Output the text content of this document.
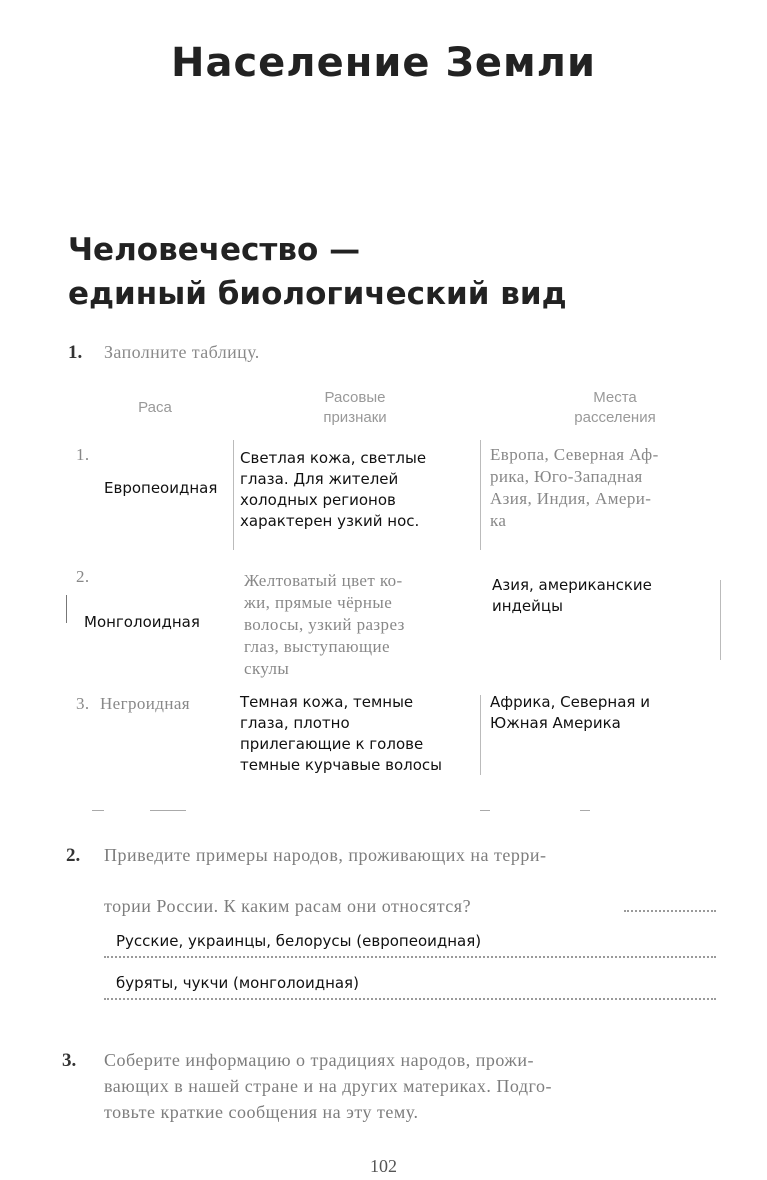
Население Земли
Человечество —
единый биологический вид
1. Заполните таблицу.
Раса
Расовые
признаки
Места
расселения
1.
Европеоидная
Светлая кожа, светлые
глаза. Для жителей
холодных регионов
характерен узкий нос.
Европа, Северная Аф-
рика, Юго-Западная
Азия, Индия, Амери-
ка
2.
Монголоидная
Желтоватый цвет ко-
жи, прямые чёрные
волосы, узкий разрез
глаз, выступающие
скулы
Азия, американские
индейцы
3. Негроидная	Темная кожа, темные
глаза, плотно
прилегающие к голове
темные курчавые волосы
Африка, Северная и
Южная Америка
2. Приведите примеры народов, проживающих на терри-
тории России. К каким расам они относятся?
Русские, украинцы, белорусы (европеоидная)
буряты, чукчи (монголоидная)
3. Соберите информацию о традициях народов, прожи-
вающих в нашей стране и на других материках. Подго-
товьте краткие сообщения на эту тему.
102
